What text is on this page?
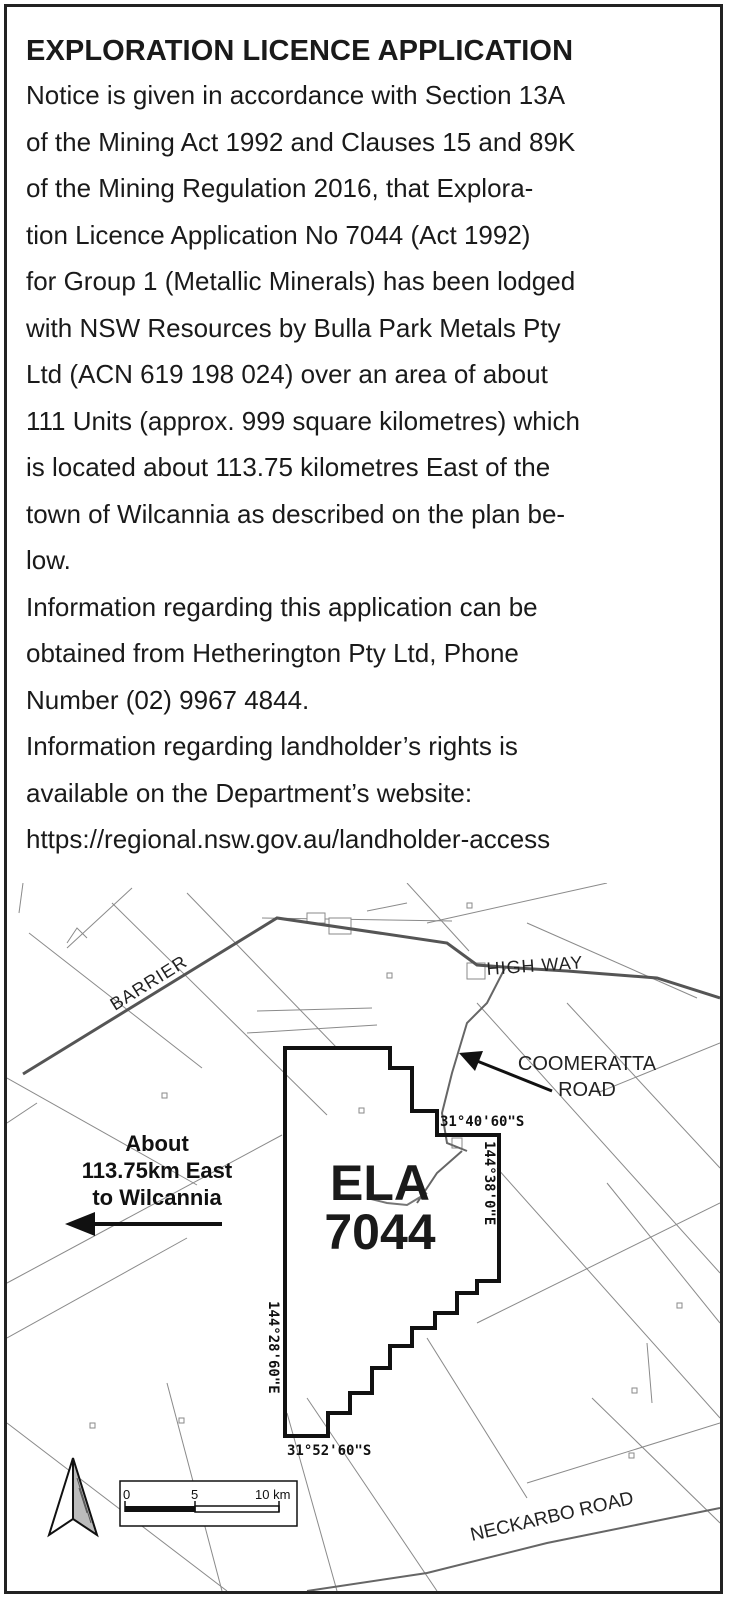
EXPLORATION LICENCE APPLICATION
Notice is given in accordance with Section 13A
of the Mining Act 1992 and Clauses 15 and 89K
of the Mining Regulation 2016, that Explora-
tion Licence Application No 7044 (Act 1992)
for Group 1 (Metallic Minerals) has been lodged
with NSW Resources by Bulla Park Metals Pty
Ltd (ACN 619 198 024) over an area of about
111 Units (approx. 999 square kilometres) which
is located about 113.75 kilometres East of the
town of Wilcannia as described on the plan be-
low.
Information regarding this application can be
obtained from Hetherington Pty Ltd, Phone
Number (02) 9967 4844.
Information regarding landholder’s rights is
available on the Department’s website:
https://regional.nsw.gov.au/landholder-access
BARRIER	HIGH WAY
COOMERATTA
ROAD
NECKARBO ROAD
ELA
7044
31°40'60"S
31°52'60"S
144°38'0"E
144°28'60"E
About
113.75km East
to Wilcannia
0	5	10 km
